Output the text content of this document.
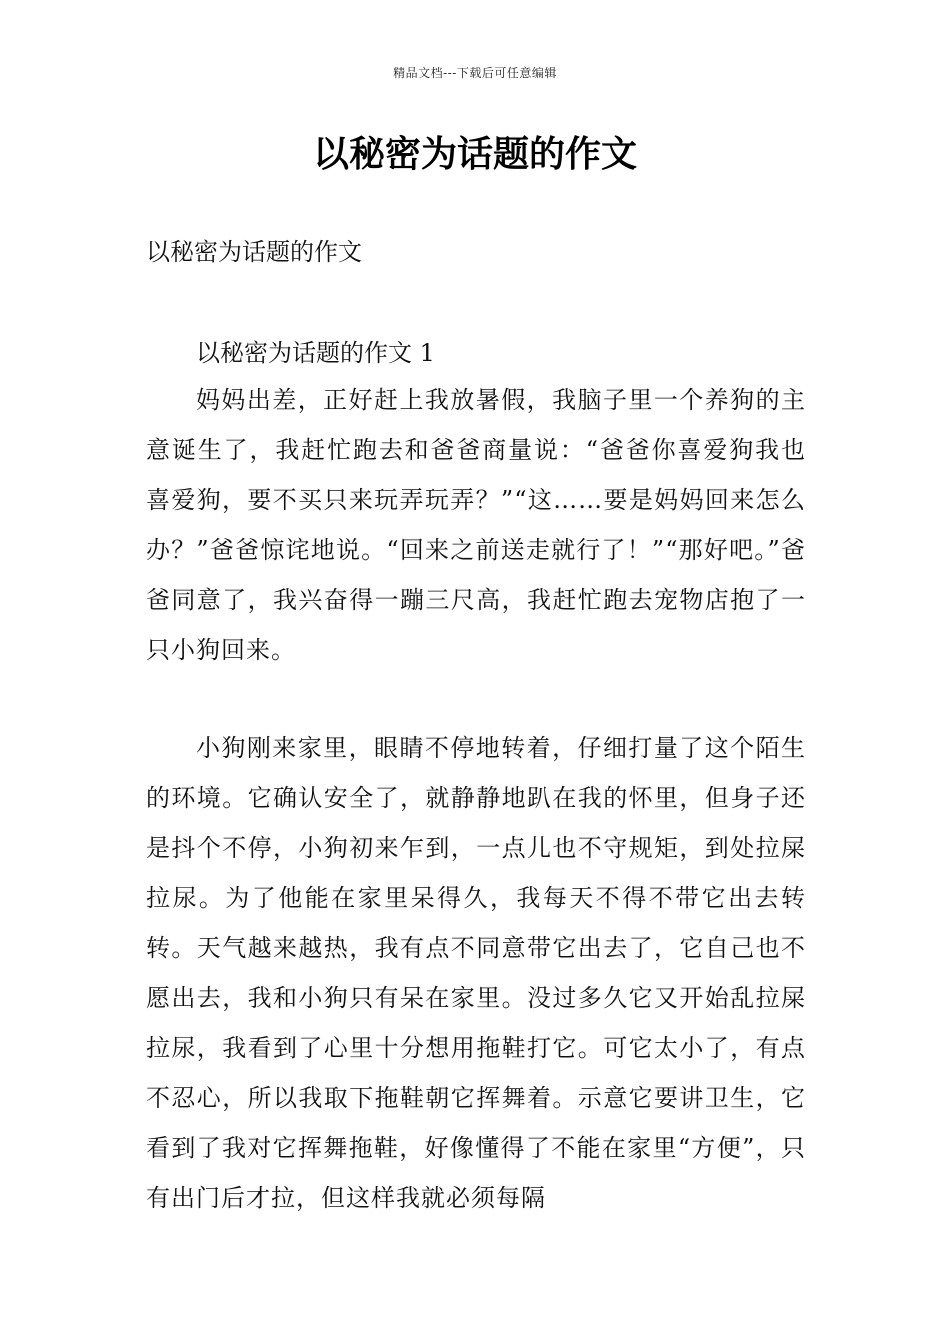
精品文档---下载后可任意编辑
以秘密为话题的作文

以秘密为话题的作文

以秘密为话题的作文 1

妈妈出差，正好赶上我放暑假，我脑子里一个养狗的主意诞生了，我赶忙跑去和爸爸商量说：“爸爸你喜爱狗我也喜爱狗，要不买只来玩弄玩弄？”“这……要是妈妈回来怎么办？”爸爸惊诧地说。“回来之前送走就行了！”“那好吧。”爸爸同意了，我兴奋得一蹦三尺高，我赶忙跑去宠物店抱了一只小狗回来。

小狗刚来家里，眼睛不停地转着，仔细打量了这个陌生的环境。它确认安全了，就静静地趴在我的怀里，但身子还是抖个不停，小狗初来乍到，一点儿也不守规矩，到处拉屎拉尿。为了他能在家里呆得久，我每天不得不带它出去转转。天气越来越热，我有点不同意带它出去了，它自己也不愿出去，我和小狗只有呆在家里。没过多久它又开始乱拉屎拉尿，我看到了心里十分想用拖鞋打它。可它太小了，有点不忍心，所以我取下拖鞋朝它挥舞着。示意它要讲卫生，它看到了我对它挥舞拖鞋，好像懂得了不能在家里“方便”，只有出门后才拉，但这样我就必须每隔
